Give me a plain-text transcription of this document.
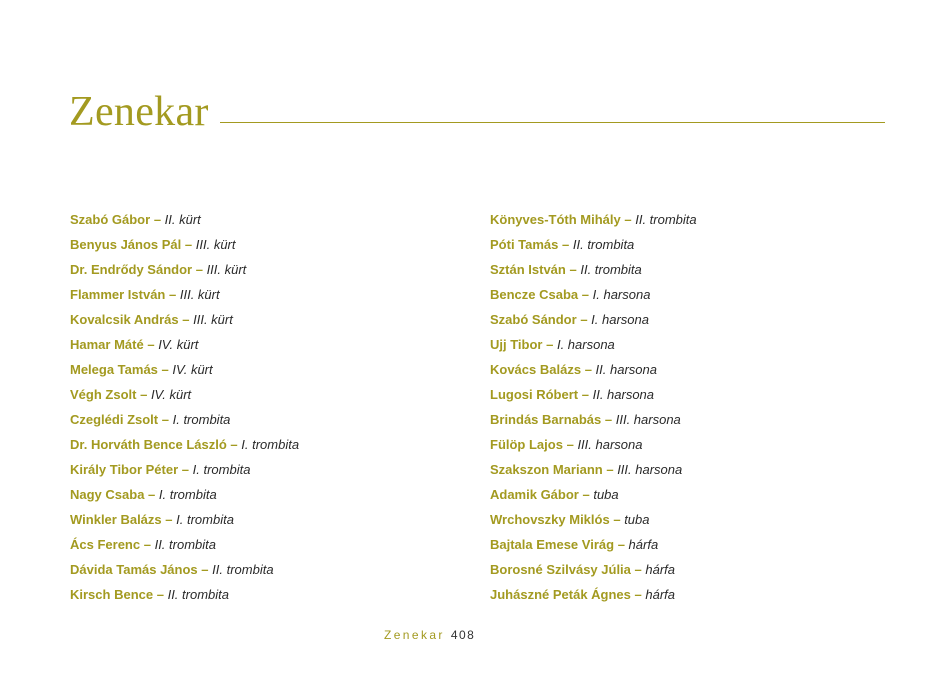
Zenekar
Szabó Gábor – II. kürt
Benyus János Pál – III. kürt
Dr. Endrődy Sándor – III. kürt
Flammer István – III. kürt
Kovalcsik András – III. kürt
Hamar Máté – IV. kürt
Melega Tamás – IV. kürt
Végh Zsolt – IV. kürt
Czeglédi Zsolt – I. trombita
Dr. Horváth Bence László – I. trombita
Király Tibor Péter – I. trombita
Nagy Csaba – I. trombita
Winkler Balázs – I. trombita
Ács Ferenc – II. trombita
Dávida Tamás János – II. trombita
Kirsch Bence – II. trombita
Könyves-Tóth Mihály – II. trombita
Póti Tamás – II. trombita
Sztán István – II. trombita
Bencze Csaba – I. harsona
Szabó Sándor – I. harsona
Ujj Tibor – I. harsona
Kovács Balázs – II. harsona
Lugosi Róbert – II. harsona
Brindás Barnabás – III. harsona
Fülöp Lajos – III. harsona
Szakszon Mariann – III. harsona
Adamik Gábor – tuba
Wrchovszky Miklós – tuba
Bajtala Emese Virág – hárfa
Borosné Szilvásy Júlia – hárfa
Juhászné Peták Ágnes – hárfa
Zenekar 408
